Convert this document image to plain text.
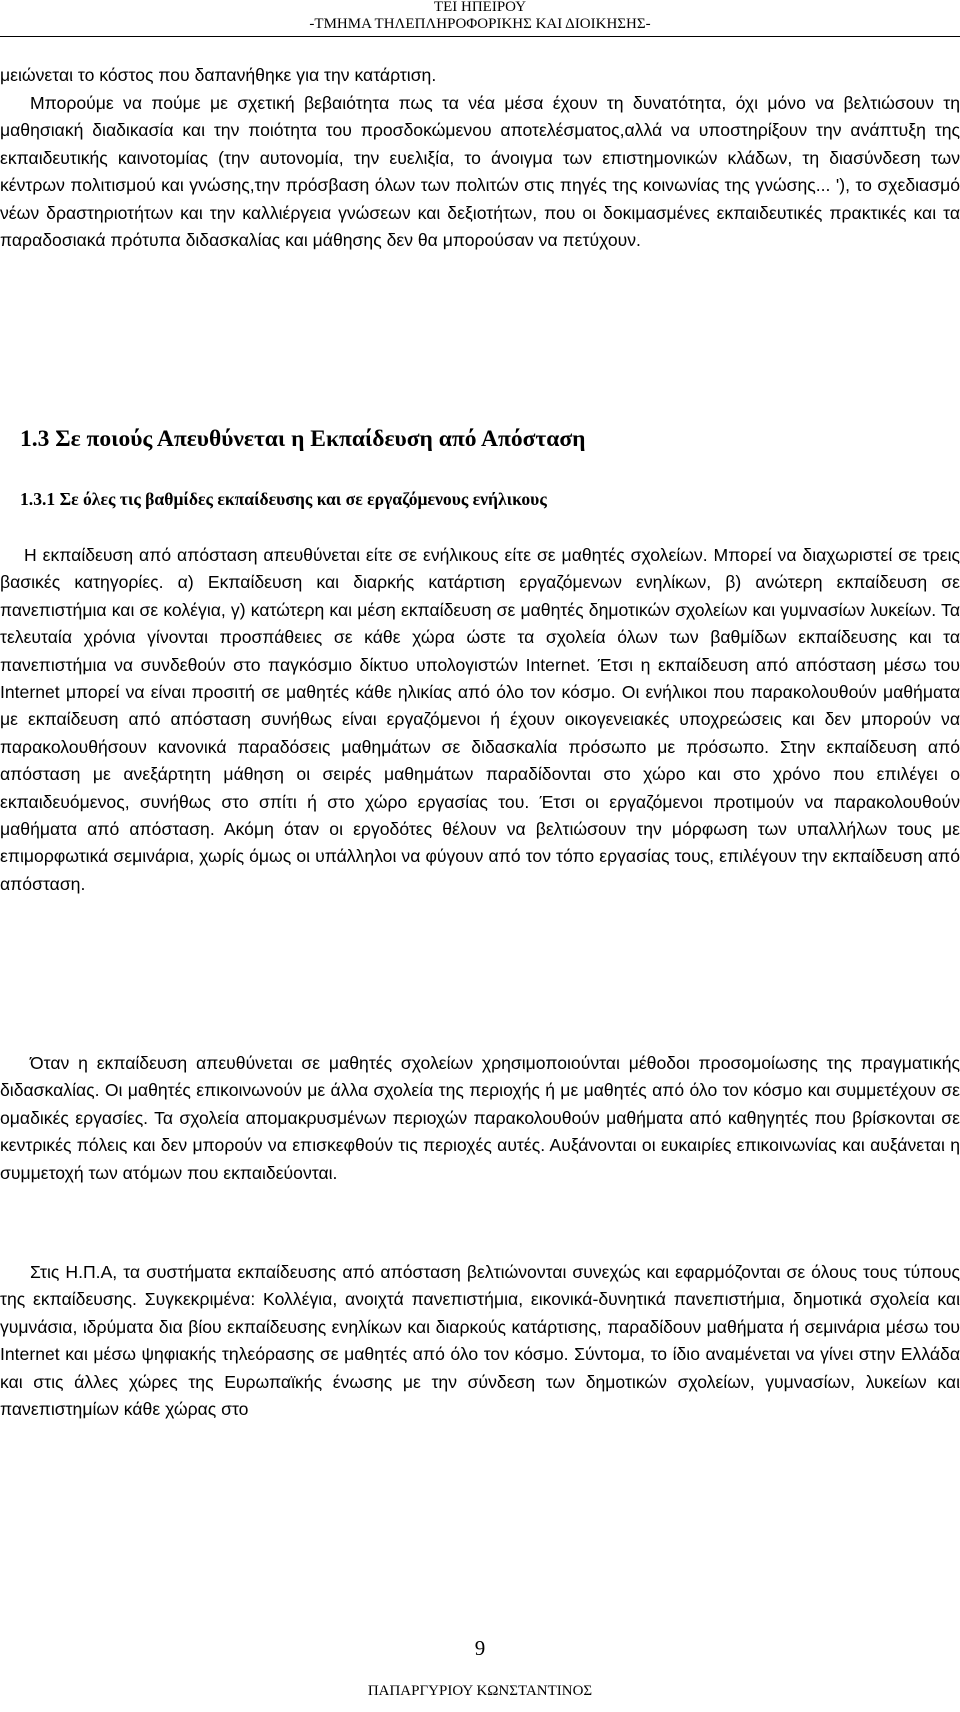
ΤΕΙ ΗΠΕΙΡΟΥ
-ΤΜΗΜΑ ΤΗΛΕΠΛΗΡΟΦΟΡΙΚΗΣ ΚΑΙ ΔΙΟΙΚΗΣΗΣ-

μειώνεται το κόστος που δαπανήθηκε για την κατάρτιση.

Μπορούμε να πούμε με σχετική βεβαιότητα πως τα νέα μέσα έχουν τη δυνατότητα, όχι μόνο να βελτιώσουν τη μαθησιακή διαδικασία και την ποιότητα του προσδοκώμενου αποτελέσματος,αλλά να υποστηρίξουν την ανάπτυξη της εκπαιδευτικής καινοτομίας (την αυτονομία, την ευελιξία, το άνοιγμα των επιστημονικών κλάδων, τη διασύνδεση των κέντρων πολιτισμού και γνώσης,την πρόσβαση όλων των πολιτών στις πηγές της κοινωνίας της γνώσης... '), το σχεδιασμό νέων δραστηριοτήτων και την καλλιέργεια γνώσεων και δεξιοτήτων, που οι δοκιμασμένες εκπαιδευτικές πρακτικές και τα παραδοσιακά πρότυπα διδασκαλίας και μάθησης δεν θα μπορούσαν να πετύχουν.

1.3 Σε ποιούς Απευθύνεται η Εκπαίδευση από Απόσταση
1.3.1 Σε όλες τις βαθμίδες εκπαίδευσης και σε εργαζόμενους ενήλικους

Η εκπαίδευση από απόσταση απευθύνεται είτε σε ενήλικους είτε σε μαθητές σχολείων. Μπορεί να διαχωριστεί σε τρεις βασικές κατηγορίες. α) Εκπαίδευση και διαρκής κατάρτιση εργαζόμενων ενηλίκων, β) ανώτερη εκπαίδευση σε πανεπιστήμια και σε κολέγια, γ) κατώτερη και μέση εκπαίδευση σε μαθητές δημοτικών σχολείων και γυμνασίων λυκείων. Τα τελευταία χρόνια γίνονται προσπάθειες σε κάθε χώρα ώστε τα σχολεία όλων των βαθμίδων εκπαίδευσης και τα πανεπιστήμια να συνδεθούν στο παγκόσμιο δίκτυο υπολογιστών Internet. Έτσι η εκπαίδευση από απόσταση μέσω του Internet μπορεί να είναι προσιτή σε μαθητές κάθε ηλικίας από όλο τον κόσμο. Οι ενήλικοι που παρακολουθούν μαθήματα με εκπαίδευση από απόσταση συνήθως είναι εργαζόμενοι ή έχουν οικογενειακές υποχρεώσεις και δεν μπορούν να παρακολουθήσουν κανονικά παραδόσεις μαθημάτων σε διδασκαλία πρόσωπο με πρόσωπο. Στην εκπαίδευση από απόσταση με ανεξάρτητη μάθηση οι σειρές μαθημάτων παραδίδονται στο χώρο και στο χρόνο που επιλέγει ο εκπαιδευόμενος, συνήθως στο σπίτι ή στο χώρο εργασίας του. Έτσι οι εργαζόμενοι προτιμούν να παρακολουθούν μαθήματα από απόσταση. Ακόμη όταν οι εργοδότες θέλουν να βελτιώσουν την μόρφωση των υπαλλήλων τους με επιμορφωτικά σεμινάρια, χωρίς όμως οι υπάλληλοι να φύγουν από τον τόπο εργασίας τους, επιλέγουν την εκπαίδευση από απόσταση.

Όταν η εκπαίδευση απευθύνεται σε μαθητές σχολείων χρησιμοποιούνται μέθοδοι προσομοίωσης της πραγματικής διδασκαλίας. Οι μαθητές επικοινωνούν με άλλα σχολεία της περιοχής ή με μαθητές από όλο τον κόσμο και συμμετέχουν σε ομαδικές εργασίες. Τα σχολεία απομακρυσμένων περιοχών παρακολουθούν μαθήματα από καθηγητές που βρίσκονται σε κεντρικές πόλεις και δεν μπορούν να επισκεφθούν τις περιοχές αυτές. Αυξάνονται οι ευκαιρίες επικοινωνίας και αυξάνεται η συμμετοχή των ατόμων που εκπαιδεύονται.

Στις Η.Π.Α, τα συστήματα εκπαίδευσης από απόσταση βελτιώνονται συνεχώς και εφαρμόζονται σε όλους τους τύπους της εκπαίδευσης. Συγκεκριμένα: Κολλέγια, ανοιχτά πανεπιστήμια, εικονικά-δυνητικά πανεπιστήμια, δημοτικά σχολεία και γυμνάσια, ιδρύματα δια βίου εκπαίδευσης ενηλίκων και διαρκούς κατάρτισης, παραδίδουν μαθήματα ή σεμινάρια μέσω του Internet και μέσω ψηφιακής τηλεόρασης σε μαθητές από όλο τον κόσμο. Σύντομα, το ίδιο αναμένεται να γίνει στην Ελλάδα και στις άλλες χώρες της Ευρωπαϊκής ένωσης με την σύνδεση των δημοτικών σχολείων, γυμνασίων, λυκείων και πανεπιστημίων κάθε χώρας στο

9
ΠΑΠΑΡΓΥΡΙΟΥ ΚΩΝΣΤΑΝΤΙΝΟΣ
